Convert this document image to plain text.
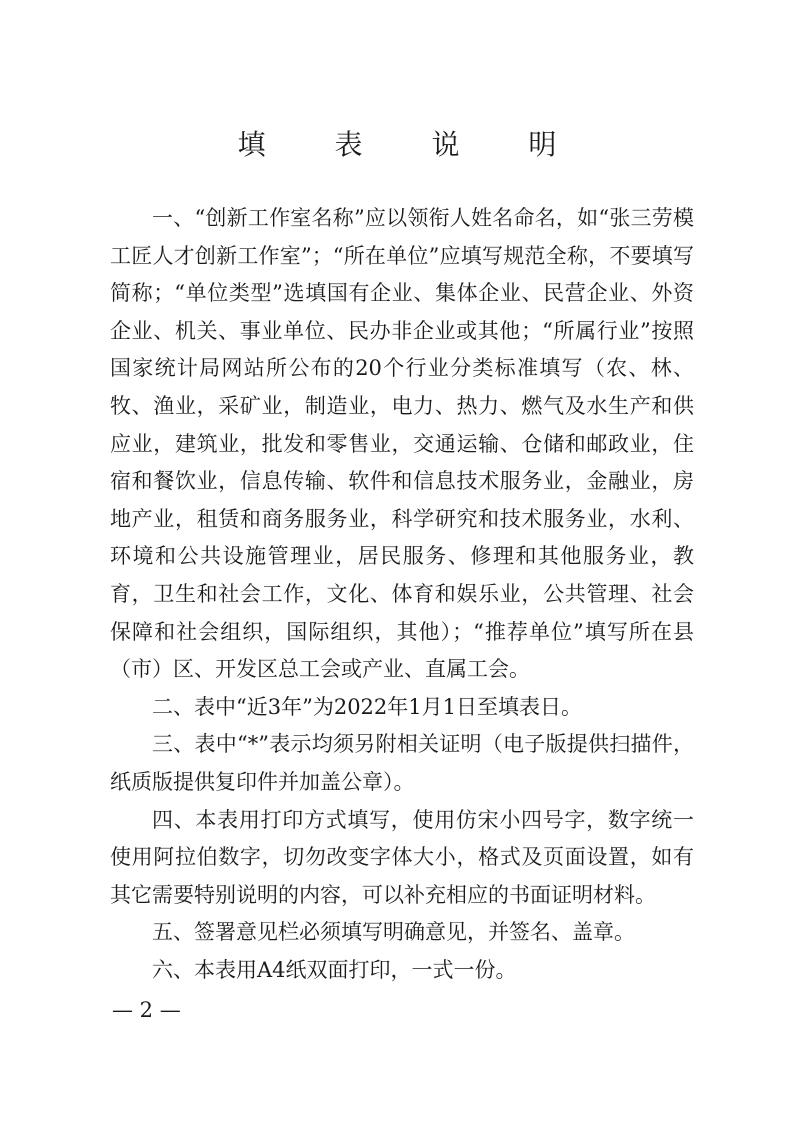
填 表 说 明

一、“创新工作室名称”应以领衔人姓名命名，如“张三劳模工匠人才创新工作室”；“所在单位”应填写规范全称，不要填写简称；“单位类型”选填国有企业、集体企业、民营企业、外资企业、机关、事业单位、民办非企业或其他；“所属行业”按照国家统计局网站所公布的20个行业分类标准填写（农、林、牧、渔业，采矿业，制造业，电力、热力、燃气及水生产和供应业，建筑业，批发和零售业，交通运输、仓储和邮政业，住宿和餐饮业，信息传输、软件和信息技术服务业，金融业，房地产业，租赁和商务服务业，科学研究和技术服务业，水利、环境和公共设施管理业，居民服务、修理和其他服务业，教育，卫生和社会工作，文化、体育和娱乐业，公共管理、社会保障和社会组织，国际组织，其他）；“推荐单位”填写所在县（市）区、开发区总工会或产业、直属工会。

二、表中“近3年”为2022年1月1日至填表日。

三、表中“*”表示均须另附相关证明（电子版提供扫描件，纸质版提供复印件并加盖公章）。

四、本表用打印方式填写，使用仿宋小四号字，数字统一使用阿拉伯数字，切勿改变字体大小，格式及页面设置，如有其它需要特别说明的内容，可以补充相应的书面证明材料。

五、签署意见栏必须填写明确意见，并签名、盖章。

六、本表用A4纸双面打印，一式一份。

— 2 —
